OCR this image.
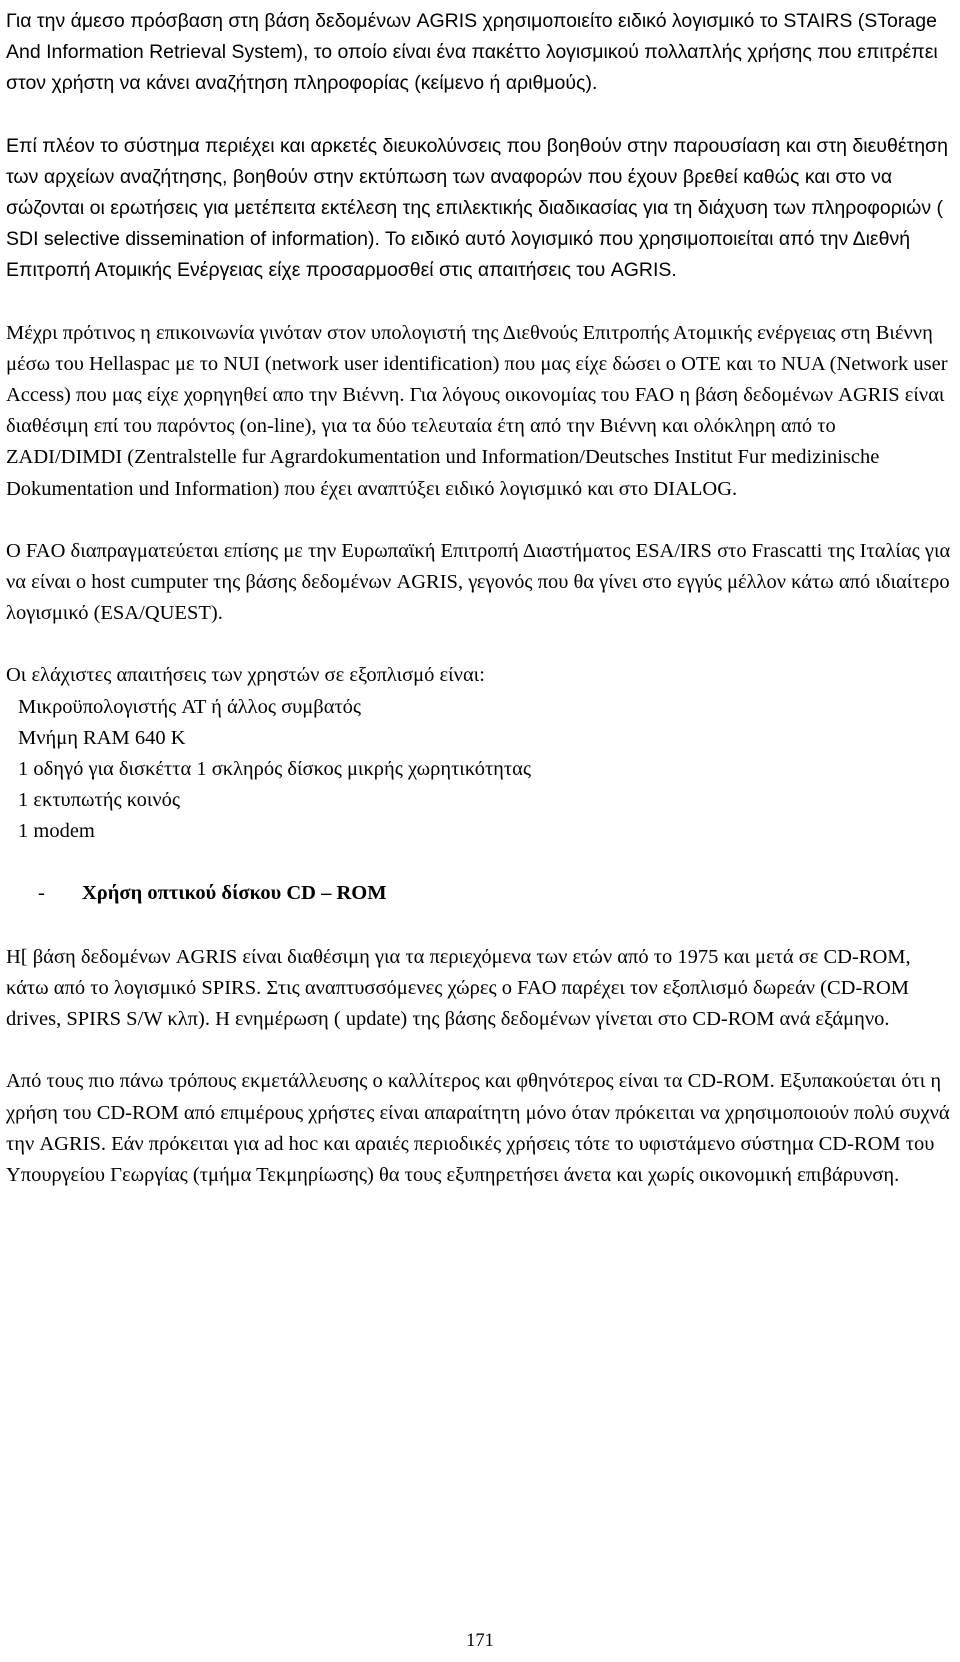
Για την άμεσο πρόσβαση στη βάση δεδομένων AGRIS χρησιμοποιείτο ειδικό λογισμικό το STAIRS (STorage And Information Retrieval System), το οποίο είναι ένα πακέττο λογισμικού πολλαπλής χρήσης που επιτρέπει στον χρήστη να κάνει αναζήτηση πληροφορίας (κείμενο ή αριθμούς).

Επί πλέον το σύστημα περιέχει και αρκετές διευκολύνσεις που βοηθούν στην παρουσίαση και στη διευθέτηση των αρχείων αναζήτησης, βοηθούν στην εκτύπωση των αναφορών που έχουν βρεθεί καθώς και στο να σώζονται οι ερωτήσεις για μετέπειτα εκτέλεση της επιλεκτικής διαδικασίας για τη διάχυση των πληροφοριών ( SDI selective dissemination of information). Το ειδικό αυτό λογισμικό που χρησιμοποιείται από την Διεθνή Επιτροπή Ατομικής Ενέργειας είχε προσαρμοσθεί στις απαιτήσεις του AGRIS.

Μέχρι πρότινος η επικοινωνία γινόταν στον υπολογιστή της Διεθνούς Επιτροπής Ατομικής ενέργειας στη Βιέννη μέσω του Hellaspac με το NUI (network user identification) που μας είχε δώσει ο ΟΤΕ και το NUA (Network user Access) που μας είχε χορηγηθεί απο την Βιέννη. Για λόγους οικονομίας του FAO η βάση δεδομένων AGRIS είναι διαθέσιμη επί του παρόντος (on-line), για τα δύο τελευταία έτη από την Βιέννη και ολόκληρη από το ZADI/DIMDI (Zentralstelle fur Agrardokumentation und Information/Deutsches Institut Fur medizinische Dokumentation und Information) που έχει αναπτύξει ειδικό λογισμικό και στο DIALOG.

Ο FAO διαπραγματεύεται επίσης με την Ευρωπαϊκή Επιτροπή Διαστήματος ESA/IRS στο Frascatti της Ιταλίας για να είναι ο host cumputer της βάσης δεδομένων AGRIS, γεγονός που θα γίνει στο εγγύς μέλλον κάτω από ιδιαίτερο λογισμικό (ESA/QUEST).

Οι ελάχιστες απαιτήσεις των χρηστών σε εξοπλισμό είναι:

Μικροϋπολογιστής AT ή άλλος συμβατός
Μνήμη RAM 640 K
1 οδηγό για δισκέττα 1 σκληρός δίσκος μικρής χωρητικότητας
1 εκτυπωτής κοινός
1 modem

- Χρήση οπτικού δίσκου CD – ROM

Η[ βάση δεδομένων AGRIS είναι διαθέσιμη για τα περιεχόμενα των ετών από το 1975 και μετά σε CD-ROM, κάτω από το λογισμικό SPIRS. Στις αναπτυσσόμενες χώρες ο FAO παρέχει τον εξοπλισμό δωρεάν (CD-ROM drives, SPIRS S/W κλπ). Η ενημέρωση ( update) της βάσης δεδομένων γίνεται στο CD-ROM ανά εξάμηνο.

Από τους πιο πάνω τρόπους εκμετάλλευσης ο καλλίτερος και φθηνότερος είναι τα CD-ROM. Εξυπακούεται ότι η χρήση του CD-ROM από επιμέρους χρήστες είναι απαραίτητη μόνο όταν πρόκειται να χρησιμοποιούν πολύ συχνά την AGRIS. Εάν πρόκειται για ad hoc και αραιές περιοδικές χρήσεις τότε το υφιστάμενο σύστημα CD-ROM του Υπουργείου Γεωργίας (τμήμα Τεκμηρίωσης) θα τους εξυπηρετήσει άνετα και χωρίς οικονομική επιβάρυνση.

171
